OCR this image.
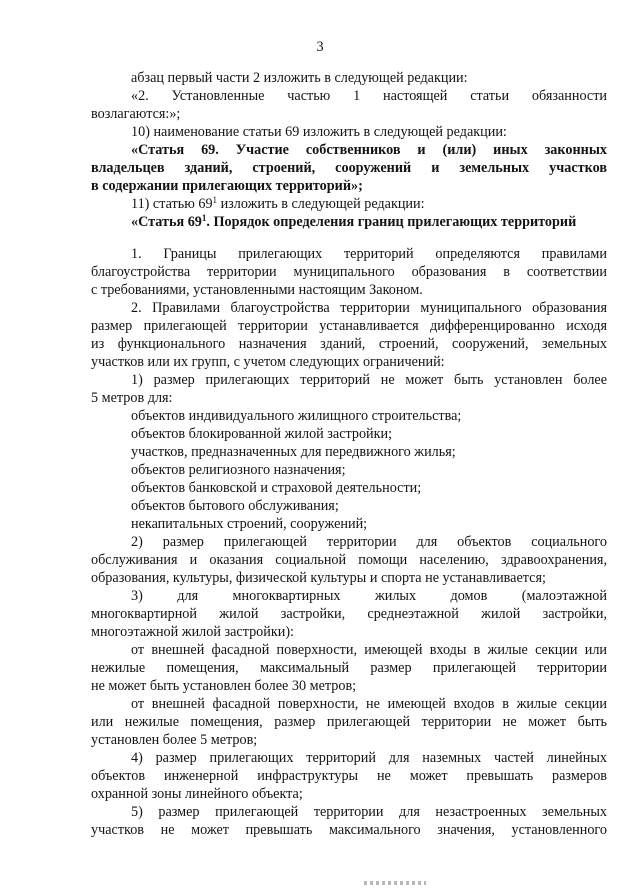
3
абзац первый части 2 изложить в следующей редакции:
«2. Установленные частью 1 настоящей статьи обязанности
возлагаются:»;
10) наименование статьи 69 изложить в следующей редакции:
«Статья 69. Участие собственников и (или) иных законных
владельцев зданий, строений, сооружений и земельных участков
в содержании прилегающих территорий»;
11) статью $69^1$ изложить в следующей редакции:
«Статья $69^1$. Порядок определения границ прилегающих территорий
1. Границы прилегающих территорий определяются правилами
благоустройства территории муниципального образования в соответствии
с требованиями, установленными настоящим Законом.
2. Правилами благоустройства территории муниципального образования
размер прилегающей территории устанавливается дифференцированно исходя
из функционального назначения зданий, строений, сооружений, земельных
участков или их групп, с учетом следующих ограничений:
1) размер прилегающих территорий не может быть установлен более
5 метров для:
объектов индивидуального жилищного строительства;
объектов блокированной жилой застройки;
участков, предназначенных для передвижного жилья;
объектов религиозного назначения;
объектов банковской и страховой деятельности;
объектов бытового обслуживания;
некапитальных строений, сооружений;
2) размер прилегающей территории для объектов социального
обслуживания и оказания социальной помощи населению, здравоохранения,
образования, культуры, физической культуры и спорта не устанавливается;
3) для многоквартирных жилых домов (малоэтажной
многоквартирной жилой застройки, среднеэтажной жилой застройки,
многоэтажной жилой застройки):
от внешней фасадной поверхности, имеющей входы в жилые секции или
нежилые помещения, максимальный размер прилегающей территории
не может быть установлен более 30 метров;
от внешней фасадной поверхности, не имеющей входов в жилые секции
или нежилые помещения, размер прилегающей территории не может быть
установлен более 5 метров;
4) размер прилегающих территорий для наземных частей линейных
объектов инженерной инфраструктуры не может превышать размеров
охранной зоны линейного объекта;
5) размер прилегающей территории для незастроенных земельных
участков не может превышать максимального значения, установленного
